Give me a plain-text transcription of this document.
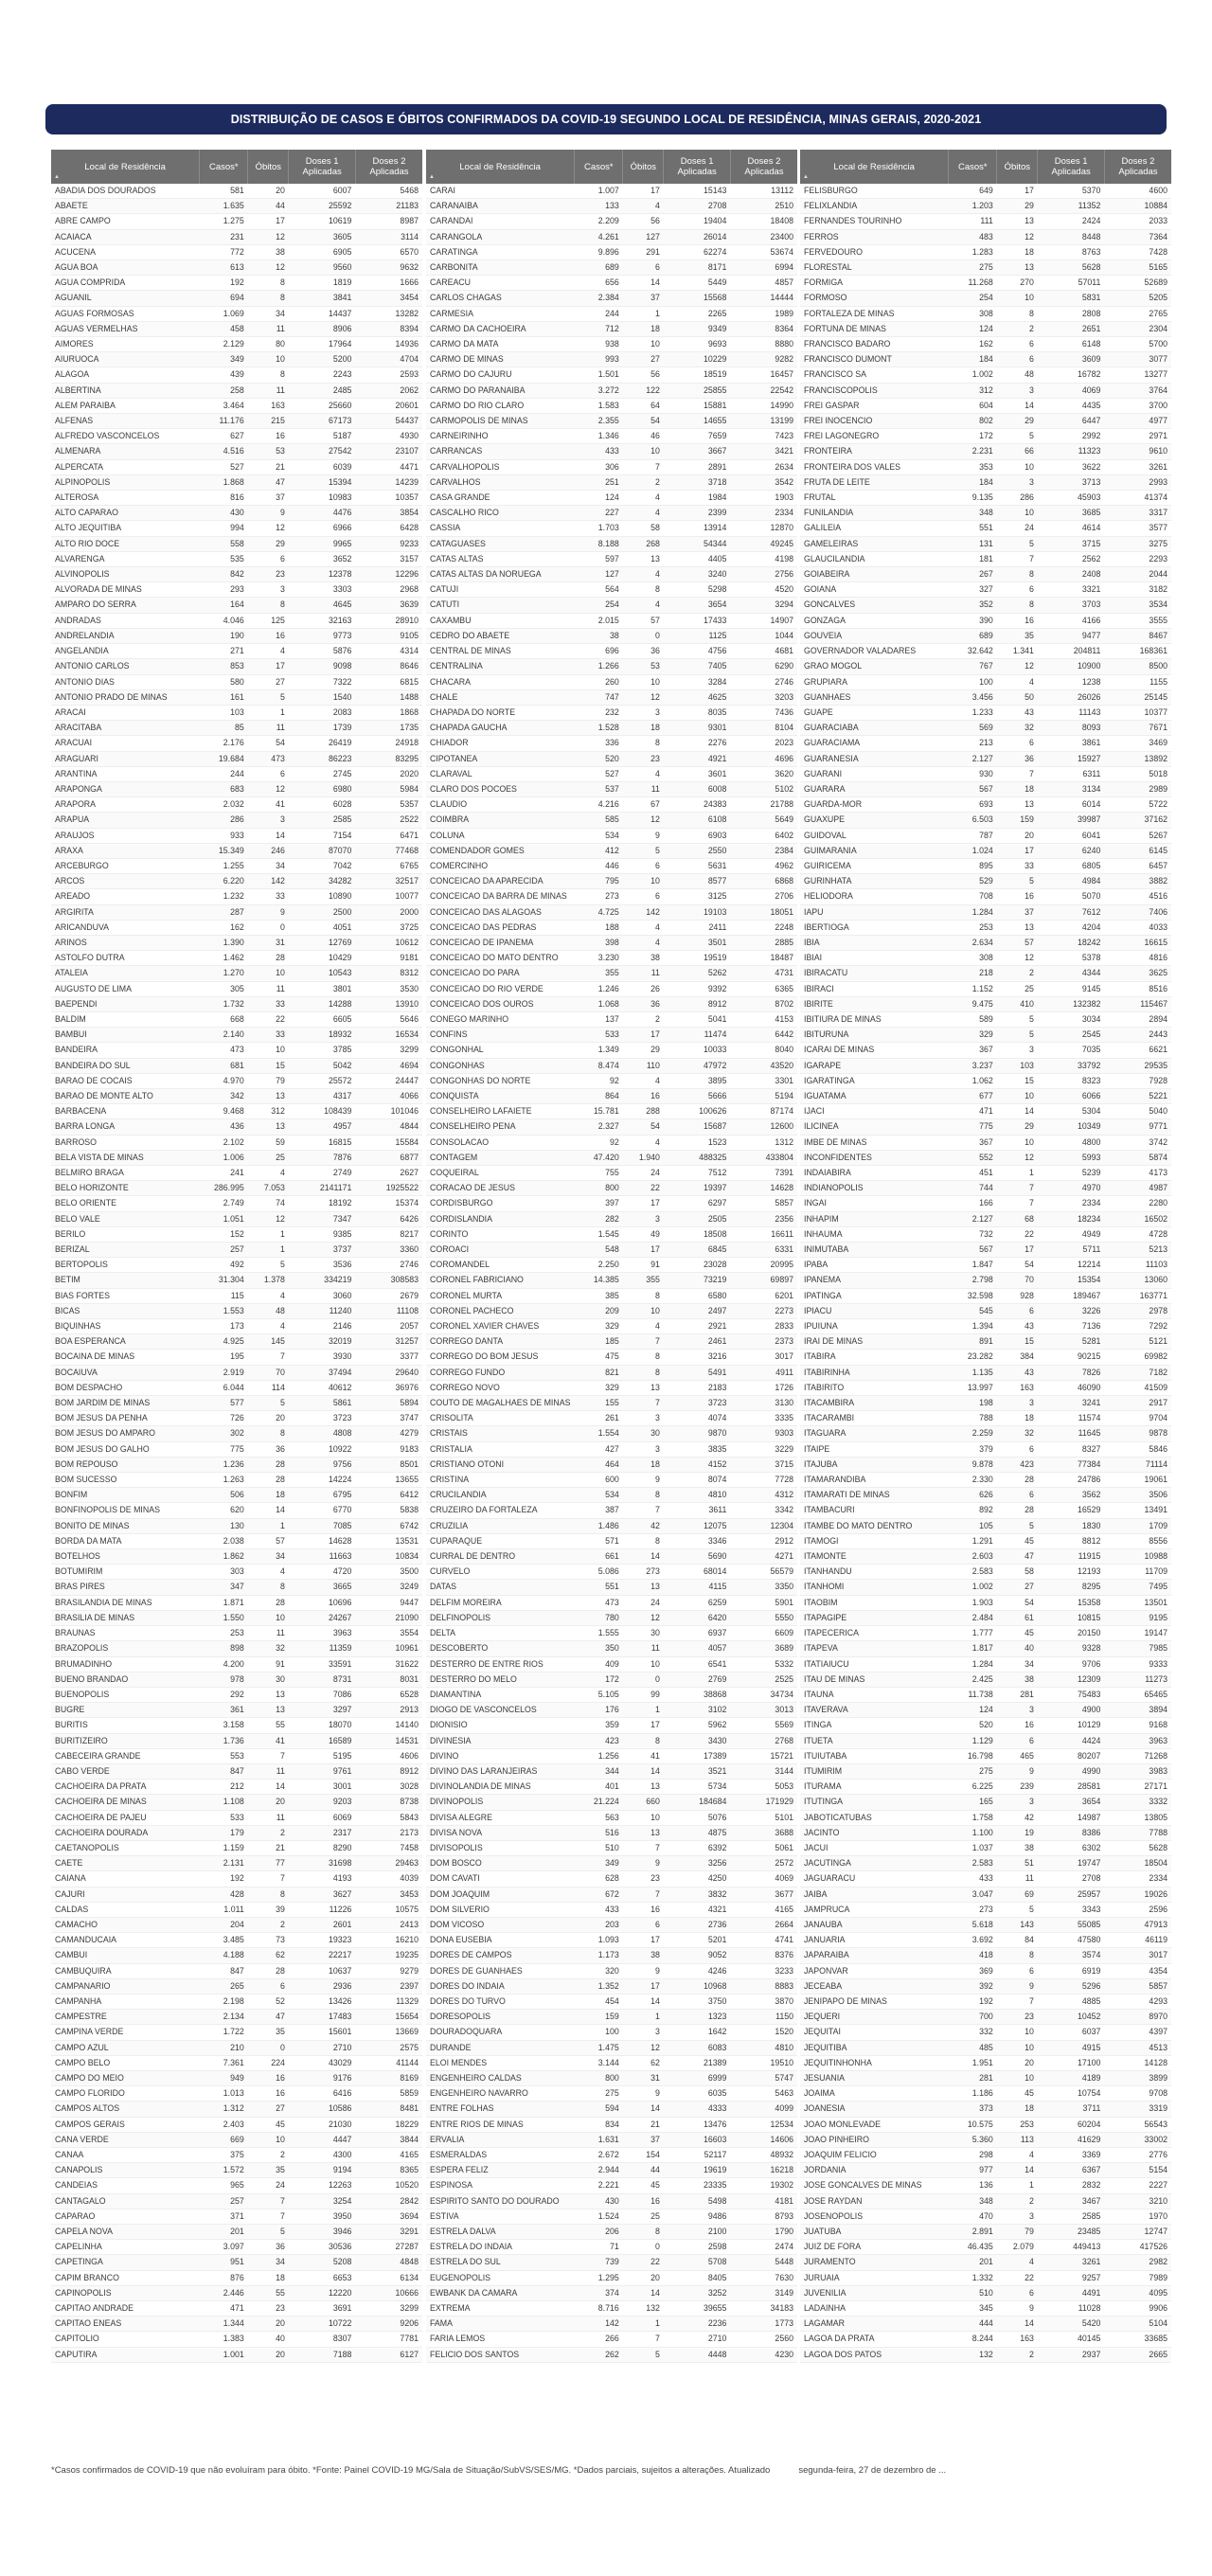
DISTRIBUIÇÃO DE CASOS E ÓBITOS CONFIRMADOS DA COVID-19 SEGUNDO LOCAL DE RESIDÊNCIA, MINAS GERAIS, 2020-2021
Local de Residência
▲	Casos*	Óbitos	Doses 1 Aplicadas	Doses 2 Aplicadas
ABADIA DOS DOURADOS	581	20	6007	5468
ABAETE	1.635	44	25592	21183
ABRE CAMPO	1.275	17	10619	8987
ACAIACA	231	12	3605	3114
ACUCENA	772	38	6905	6570
AGUA BOA	613	12	9560	9632
AGUA COMPRIDA	192	8	1819	1666
AGUANIL	694	8	3841	3454
AGUAS FORMOSAS	1.069	34	14437	13282
AGUAS VERMELHAS	458	11	8906	8394
AIMORES	2.129	80	17964	14936
AIURUOCA	349	10	5200	4704
ALAGOA	439	8	2243	2593
ALBERTINA	258	11	2485	2062
ALEM PARAIBA	3.464	163	25660	20601
ALFENAS	11.176	215	67173	54437
ALFREDO VASCONCELOS	627	16	5187	4930
ALMENARA	4.516	53	27542	23107
ALPERCATA	527	21	6039	4471
ALPINOPOLIS	1.868	47	15394	14239
ALTEROSA	816	37	10983	10357
ALTO CAPARAO	430	9	4476	3854
ALTO JEQUITIBA	994	12	6966	6428
ALTO RIO DOCE	558	29	9965	9233
ALVARENGA	535	6	3652	3157
ALVINOPOLIS	842	23	12378	12296
ALVORADA DE MINAS	293	3	3303	2968
AMPARO DO SERRA	164	8	4645	3639
ANDRADAS	4.046	125	32163	28910
ANDRELANDIA	190	16	9773	9105
ANGELANDIA	271	4	5876	4314
ANTONIO CARLOS	853	17	9098	8646
ANTONIO DIAS	580	27	7322	6815
ANTONIO PRADO DE MINAS	161	5	1540	1488
ARACAI	103	1	2083	1868
ARACITABA	85	11	1739	1735
ARACUAI	2.176	54	26419	24918
ARAGUARI	19.684	473	86223	83295
ARANTINA	244	6	2745	2020
ARAPONGA	683	12	6980	5984
ARAPORA	2.032	41	6028	5357
ARAPUA	286	3	2585	2522
ARAUJOS	933	14	7154	6471
ARAXA	15.349	246	87070	77468
ARCEBURGO	1.255	34	7042	6765
ARCOS	6.220	142	34282	32517
AREADO	1.232	33	10890	10077
ARGIRITA	287	9	2500	2000
ARICANDUVA	162	0	4051	3725
ARINOS	1.390	31	12769	10612
ASTOLFO DUTRA	1.462	28	10429	9181
ATALEIA	1.270	10	10543	8312
AUGUSTO DE LIMA	305	11	3801	3530
BAEPENDI	1.732	33	14288	13910
BALDIM	668	22	6605	5646
BAMBUI	2.140	33	18932	16534
BANDEIRA	473	10	3785	3299
BANDEIRA DO SUL	681	15	5042	4694
BARAO DE COCAIS	4.970	79	25572	24447
BARAO DE MONTE ALTO	342	13	4317	4066
BARBACENA	9.468	312	108439	101046
BARRA LONGA	436	13	4957	4844
BARROSO	2.102	59	16815	15584
BELA VISTA DE MINAS	1.006	25	7876	6877
BELMIRO BRAGA	241	4	2749	2627
BELO HORIZONTE	286.995	7.053	2141171	1925522
BELO ORIENTE	2.749	74	18192	15374
BELO VALE	1.051	12	7347	6426
BERILO	152	1	9385	8217
BERIZAL	257	1	3737	3360
BERTOPOLIS	492	5	3536	2746
BETIM	31.304	1.378	334219	308583
BIAS FORTES	115	4	3060	2679
BICAS	1.553	48	11240	11108
BIQUINHAS	173	4	2146	2057
BOA ESPERANCA	4.925	145	32019	31257
BOCAINA DE MINAS	195	7	3930	3377
BOCAIUVA	2.919	70	37494	29640
BOM DESPACHO	6.044	114	40612	36976
BOM JARDIM DE MINAS	577	5	5861	5894
BOM JESUS DA PENHA	726	20	3723	3747
BOM JESUS DO AMPARO	302	8	4808	4279
BOM JESUS DO GALHO	775	36	10922	9183
BOM REPOUSO	1.236	28	9756	8501
BOM SUCESSO	1.263	28	14224	13655
BONFIM	506	18	6795	6412
BONFINOPOLIS DE MINAS	620	14	6770	5838
BONITO DE MINAS	130	1	7085	6742
BORDA DA MATA	2.038	57	14628	13531
BOTELHOS	1.862	34	11663	10834
BOTUMIRIM	303	4	4720	3500
BRAS PIRES	347	8	3665	3249
BRASILANDIA DE MINAS	1.871	28	10696	9447
BRASILIA DE MINAS	1.550	10	24267	21090
BRAUNAS	253	11	3963	3554
BRAZOPOLIS	898	32	11359	10961
BRUMADINHO	4.200	91	33591	31622
BUENO BRANDAO	978	30	8731	8031
BUENOPOLIS	292	13	7086	6528
BUGRE	361	13	3297	2913
BURITIS	3.158	55	18070	14140
BURITIZEIRO	1.736	41	16589	14531
CABECEIRA GRANDE	553	7	5195	4606
CABO VERDE	847	11	9761	8912
CACHOEIRA DA PRATA	212	14	3001	3028
CACHOEIRA DE MINAS	1.108	20	9203	8738
CACHOEIRA DE PAJEU	533	11	6069	5843
CACHOEIRA DOURADA	179	2	2317	2173
CAETANOPOLIS	1.159	21	8290	7458
CAETE	2.131	77	31698	29463
CAIANA	192	7	4193	4039
CAJURI	428	8	3627	3453
CALDAS	1.011	39	11226	10575
CAMACHO	204	2	2601	2413
CAMANDUCAIA	3.485	73	19323	16210
CAMBUI	4.188	62	22217	19235
CAMBUQUIRA	847	28	10637	9279
CAMPANARIO	265	6	2936	2397
CAMPANHA	2.198	52	13426	11329
CAMPESTRE	2.134	47	17483	15654
CAMPINA VERDE	1.722	35	15601	13669
CAMPO AZUL	210	0	2710	2575
CAMPO BELO	7.361	224	43029	41144
CAMPO DO MEIO	949	16	9176	8169
CAMPO FLORIDO	1.013	16	6416	5859
CAMPOS ALTOS	1.312	27	10586	8481
CAMPOS GERAIS	2.403	45	21030	18229
CANA VERDE	669	10	4447	3844
CANAA	375	2	4300	4165
CANAPOLIS	1.572	35	9194	8365
CANDEIAS	965	24	12263	10520
CANTAGALO	257	7	3254	2842
CAPARAO	371	7	3950	3694
CAPELA NOVA	201	5	3946	3291
CAPELINHA	3.097	36	30536	27287
CAPETINGA	951	34	5208	4848
CAPIM BRANCO	876	18	6653	6134
CAPINOPOLIS	2.446	55	12220	10666
CAPITAO ANDRADE	471	23	3691	3299
CAPITAO ENEAS	1.344	20	10722	9206
CAPITOLIO	1.383	40	8307	7781
CAPUTIRA	1.001	20	7188	6127
Local de Residência
▲	Casos*	Óbitos	Doses 1 Aplicadas	Doses 2 Aplicadas
CARAI	1.007	17	15143	13112
CARANAIBA	133	4	2708	2510
CARANDAI	2.209	56	19404	18408
CARANGOLA	4.261	127	26014	23400
CARATINGA	9.896	291	62274	53674
CARBONITA	689	6	8171	6994
CAREACU	656	14	5449	4857
CARLOS CHAGAS	2.384	37	15568	14444
CARMESIA	244	1	2265	1989
CARMO DA CACHOEIRA	712	18	9349	8364
CARMO DA MATA	938	10	9693	8880
CARMO DE MINAS	993	27	10229	9282
CARMO DO CAJURU	1.501	56	18519	16457
CARMO DO PARANAIBA	3.272	122	25855	22542
CARMO DO RIO CLARO	1.583	64	15881	14990
CARMOPOLIS DE MINAS	2.355	54	14655	13199
CARNEIRINHO	1.346	46	7659	7423
CARRANCAS	433	10	3667	3421
CARVALHOPOLIS	306	7	2891	2634
CARVALHOS	251	2	3718	3542
CASA GRANDE	124	4	1984	1903
CASCALHO RICO	227	4	2399	2334
CASSIA	1.703	58	13914	12870
CATAGUASES	8.188	268	54344	49245
CATAS ALTAS	597	13	4405	4198
CATAS ALTAS DA NORUEGA	127	4	3240	2756
CATUJI	564	8	5298	4520
CATUTI	254	4	3654	3294
CAXAMBU	2.015	57	17433	14907
CEDRO DO ABAETE	38	0	1125	1044
CENTRAL DE MINAS	696	36	4756	4681
CENTRALINA	1.266	53	7405	6290
CHACARA	260	10	3284	2746
CHALE	747	12	4625	3203
CHAPADA DO NORTE	232	3	8035	7436
CHAPADA GAUCHA	1.528	18	9301	8104
CHIADOR	336	8	2276	2023
CIPOTANEA	520	23	4921	4696
CLARAVAL	527	4	3601	3620
CLARO DOS POCOES	537	11	6008	5102
CLAUDIO	4.216	67	24383	21788
COIMBRA	585	12	6108	5649
COLUNA	534	9	6903	6402
COMENDADOR GOMES	412	5	2550	2384
COMERCINHO	446	6	5631	4962
CONCEICAO DA APARECIDA	795	10	8577	6868
CONCEICAO DA BARRA DE MINAS	273	6	3125	2706
CONCEICAO DAS ALAGOAS	4.725	142	19103	18051
CONCEICAO DAS PEDRAS	188	4	2411	2248
CONCEICAO DE IPANEMA	398	4	3501	2885
CONCEICAO DO MATO DENTRO	3.230	38	19519	18487
CONCEICAO DO PARA	355	11	5262	4731
CONCEICAO DO RIO VERDE	1.246	26	9392	6365
CONCEICAO DOS OUROS	1.068	36	8912	8702
CONEGO MARINHO	137	2	5041	4153
CONFINS	533	17	11474	6442
CONGONHAL	1.349	29	10033	8040
CONGONHAS	8.474	110	47972	43520
CONGONHAS DO NORTE	92	4	3895	3301
CONQUISTA	864	16	5666	5194
CONSELHEIRO LAFAIETE	15.781	288	100626	87174
CONSELHEIRO PENA	2.327	54	15687	12600
CONSOLACAO	92	4	1523	1312
CONTAGEM	47.420	1.940	488325	433804
COQUEIRAL	755	24	7512	7391
CORACAO DE JESUS	800	22	19397	14628
CORDISBURGO	397	17	6297	5857
CORDISLANDIA	282	3	2505	2356
CORINTO	1.545	49	18508	16611
COROACI	548	17	6845	6331
COROMANDEL	2.250	91	23028	20995
CORONEL FABRICIANO	14.385	355	73219	69897
CORONEL MURTA	385	8	6580	6201
CORONEL PACHECO	209	10	2497	2273
CORONEL XAVIER CHAVES	329	4	2921	2833
CORREGO DANTA	185	7	2461	2373
CORREGO DO BOM JESUS	475	8	3216	3017
CORREGO FUNDO	821	8	5491	4911
CORREGO NOVO	329	13	2183	1726
COUTO DE MAGALHAES DE MINAS	155	7	3723	3130
CRISOLITA	261	3	4074	3335
CRISTAIS	1.554	30	9870	9303
CRISTALIA	427	3	3835	3229
CRISTIANO OTONI	464	18	4152	3715
CRISTINA	600	9	8074	7728
CRUCILANDIA	534	8	4810	4312
CRUZEIRO DA FORTALEZA	387	7	3611	3342
CRUZILIA	1.486	42	12075	12304
CUPARAQUE	571	8	3346	2912
CURRAL DE DENTRO	661	14	5690	4271
CURVELO	5.086	273	68014	56579
DATAS	551	13	4115	3350
DELFIM MOREIRA	473	24	6259	5901
DELFINOPOLIS	780	12	6420	5550
DELTA	1.555	30	6937	6609
DESCOBERTO	350	11	4057	3689
DESTERRO DE ENTRE RIOS	409	10	6541	5332
DESTERRO DO MELO	172	0	2769	2525
DIAMANTINA	5.105	99	38868	34734
DIOGO DE VASCONCELOS	176	1	3102	3013
DIONISIO	359	17	5962	5569
DIVINESIA	423	8	3430	2768
DIVINO	1.256	41	17389	15721
DIVINO DAS LARANJEIRAS	344	14	3521	3144
DIVINOLANDIA DE MINAS	401	13	5734	5053
DIVINOPOLIS	21.224	660	184684	171929
DIVISA ALEGRE	563	10	5076	5101
DIVISA NOVA	516	13	4875	3688
DIVISOPOLIS	510	7	6392	5061
DOM BOSCO	349	9	3256	2572
DOM CAVATI	628	23	4250	4069
DOM JOAQUIM	672	7	3832	3677
DOM SILVERIO	433	16	4321	4165
DOM VICOSO	203	6	2736	2664
DONA EUSEBIA	1.093	17	5201	4741
DORES DE CAMPOS	1.173	38	9052	8376
DORES DE GUANHAES	320	9	4246	3233
DORES DO INDAIA	1.352	17	10968	8883
DORES DO TURVO	454	14	3750	3870
DORESOPOLIS	159	1	1323	1150
DOURADOQUARA	100	3	1642	1520
DURANDE	1.475	12	6083	4810
ELOI MENDES	3.144	62	21389	19510
ENGENHEIRO CALDAS	800	31	6999	5747
ENGENHEIRO NAVARRO	275	9	6035	5463
ENTRE FOLHAS	594	14	4333	4099
ENTRE RIOS DE MINAS	834	21	13476	12534
ERVALIA	1.631	37	16603	14606
ESMERALDAS	2.672	154	52117	48932
ESPERA FELIZ	2.944	44	19619	16218
ESPINOSA	2.221	45	23335	19302
ESPIRITO SANTO DO DOURADO	430	16	5498	4181
ESTIVA	1.524	25	9486	8793
ESTRELA DALVA	206	8	2100	1790
ESTRELA DO INDAIA	71	0	2598	2474
ESTRELA DO SUL	739	22	5708	5448
EUGENOPOLIS	1.295	20	8405	7630
EWBANK DA CAMARA	374	14	3252	3149
EXTREMA	8.716	132	39655	34183
FAMA	142	1	2236	1773
FARIA LEMOS	266	7	2710	2560
FELICIO DOS SANTOS	262	5	4448	4230
Local de Residência
▲	Casos*	Óbitos	Doses 1 Aplicadas	Doses 2 Aplicadas
FELISBURGO	649	17	5370	4600
FELIXLANDIA	1.203	29	11352	10884
FERNANDES TOURINHO	111	13	2424	2033
FERROS	483	12	8448	7364
FERVEDOURO	1.283	18	8763	7428
FLORESTAL	275	13	5628	5165
FORMIGA	11.268	270	57011	52689
FORMOSO	254	10	5831	5205
FORTALEZA DE MINAS	308	8	2808	2765
FORTUNA DE MINAS	124	2	2651	2304
FRANCISCO BADARO	162	6	6148	5700
FRANCISCO DUMONT	184	6	3609	3077
FRANCISCO SA	1.002	48	16782	13277
FRANCISCOPOLIS	312	3	4069	3764
FREI GASPAR	604	14	4435	3700
FREI INOCENCIO	802	29	6447	4977
FREI LAGONEGRO	172	5	2992	2971
FRONTEIRA	2.231	66	11323	9610
FRONTEIRA DOS VALES	353	10	3622	3261
FRUTA DE LEITE	184	3	3713	2993
FRUTAL	9.135	286	45903	41374
FUNILANDIA	348	10	3685	3317
GALILEIA	551	24	4614	3577
GAMELEIRAS	131	5	3715	3275
GLAUCILANDIA	181	7	2562	2293
GOIABEIRA	267	8	2408	2044
GOIANA	327	6	3321	3182
GONCALVES	352	8	3703	3534
GONZAGA	390	16	4166	3555
GOUVEIA	689	35	9477	8467
GOVERNADOR VALADARES	32.642	1.341	204811	168361
GRAO MOGOL	767	12	10900	8500
GRUPIARA	100	4	1238	1155
GUANHAES	3.456	50	26026	25145
GUAPE	1.233	43	11143	10377
GUARACIABA	569	32	8093	7671
GUARACIAMA	213	6	3861	3469
GUARANESIA	2.127	36	15927	13892
GUARANI	930	7	6311	5018
GUARARA	567	18	3134	2989
GUARDA-MOR	693	13	6014	5722
GUAXUPE	6.503	159	39987	37162
GUIDOVAL	787	20	6041	5267
GUIMARANIA	1.024	17	6240	6145
GUIRICEMA	895	33	6805	6457
GURINHATA	529	5	4984	3882
HELIODORA	708	16	5070	4516
IAPU	1.284	37	7612	7406
IBERTIOGA	253	13	4204	4033
IBIA	2.634	57	18242	16615
IBIAI	308	12	5378	4816
IBIRACATU	218	2	4344	3625
IBIRACI	1.152	25	9145	8516
IBIRITE	9.475	410	132382	115467
IBITIURA DE MINAS	589	5	3034	2894
IBITURUNA	329	5	2545	2443
ICARAI DE MINAS	367	3	7035	6621
IGARAPE	3.237	103	33792	29535
IGARATINGA	1.062	15	8323	7928
IGUATAMA	677	10	6066	5221
IJACI	471	14	5304	5040
ILICINEA	775	29	10349	9771
IMBE DE MINAS	367	10	4800	3742
INCONFIDENTES	552	12	5993	5874
INDAIABIRA	451	1	5239	4173
INDIANOPOLIS	744	7	4970	4987
INGAI	166	7	2334	2280
INHAPIM	2.127	68	18234	16502
INHAUMA	732	22	4949	4728
INIMUTABA	567	17	5711	5213
IPABA	1.847	54	12214	11103
IPANEMA	2.798	70	15354	13060
IPATINGA	32.598	928	189467	163771
IPIACU	545	6	3226	2978
IPUIUNA	1.394	43	7136	7292
IRAI DE MINAS	891	15	5281	5121
ITABIRA	23.282	384	90215	69982
ITABIRINHA	1.135	43	7826	7182
ITABIRITO	13.997	163	46090	41509
ITACAMBIRA	198	3	3241	2917
ITACARAMBI	788	18	11574	9704
ITAGUARA	2.259	32	11645	9878
ITAIPE	379	6	8327	5846
ITAJUBA	9.878	423	77384	71114
ITAMARANDIBA	2.330	28	24786	19061
ITAMARATI DE MINAS	626	6	3562	3506
ITAMBACURI	892	28	16529	13491
ITAMBE DO MATO DENTRO	105	5	1830	1709
ITAMOGI	1.291	45	8812	8556
ITAMONTE	2.603	47	11915	10988
ITANHANDU	2.583	58	12193	11709
ITANHOMI	1.002	27	8295	7495
ITAOBIM	1.903	54	15358	13501
ITAPAGIPE	2.484	61	10815	9195
ITAPECERICA	1.777	45	20150	19147
ITAPEVA	1.817	40	9328	7985
ITATIAIUCU	1.284	34	9706	9333
ITAU DE MINAS	2.425	38	12309	11273
ITAUNA	11.738	281	75483	65465
ITAVERAVA	124	3	4900	3894
ITINGA	520	16	10129	9168
ITUETA	1.129	6	4424	3963
ITUIUTABA	16.798	465	80207	71268
ITUMIRIM	275	9	4990	3983
ITURAMA	6.225	239	28581	27171
ITUTINGA	165	3	3654	3332
JABOTICATUBAS	1.758	42	14987	13805
JACINTO	1.100	19	8386	7788
JACUI	1.037	38	6302	5628
JACUTINGA	2.583	51	19747	18504
JAGUARACU	433	11	2708	2334
JAIBA	3.047	69	25957	19026
JAMPRUCA	273	5	3343	2596
JANAUBA	5.618	143	55085	47913
JANUARIA	3.692	84	47580	46119
JAPARAIBA	418	8	3574	3017
JAPONVAR	369	6	6919	4354
JECEABA	392	9	5296	5857
JENIPAPO DE MINAS	192	7	4885	4293
JEQUERI	700	23	10452	8970
JEQUITAI	332	10	6037	4397
JEQUITIBA	485	10	4915	4513
JEQUITINHONHA	1.951	20	17100	14128
JESUANIA	281	10	4189	3899
JOAIMA	1.186	45	10754	9708
JOANESIA	373	18	3711	3319
JOAO MONLEVADE	10.575	253	60204	56543
JOAO PINHEIRO	5.360	113	41629	33002
JOAQUIM FELICIO	298	4	3369	2776
JORDANIA	977	14	6367	5154
JOSE GONCALVES DE MINAS	136	1	2832	2227
JOSE RAYDAN	348	2	3467	3210
JOSENOPOLIS	470	3	2585	1970
JUATUBA	2.891	79	23485	12747
JUIZ DE FORA	46.435	2.079	449413	417526
JURAMENTO	201	4	3261	2982
JURUAIA	1.332	22	9257	7989
JUVENILIA	510	6	4491	4095
LADAINHA	345	9	11028	9906
LAGAMAR	444	14	5420	5104
LAGOA DA PRATA	8.244	163	40145	33685
LAGOA DOS PATOS	132	2	2937	2665
*Casos confirmados de COVID-19 que não evoluíram para óbito. *Fonte: Painel COVID-19 MG/Sala de Situação/SubVS/SES/MG. *Dados parciais, sujeitos a alterações. Atualizado	segunda-feira, 27 de dezembro de ...
